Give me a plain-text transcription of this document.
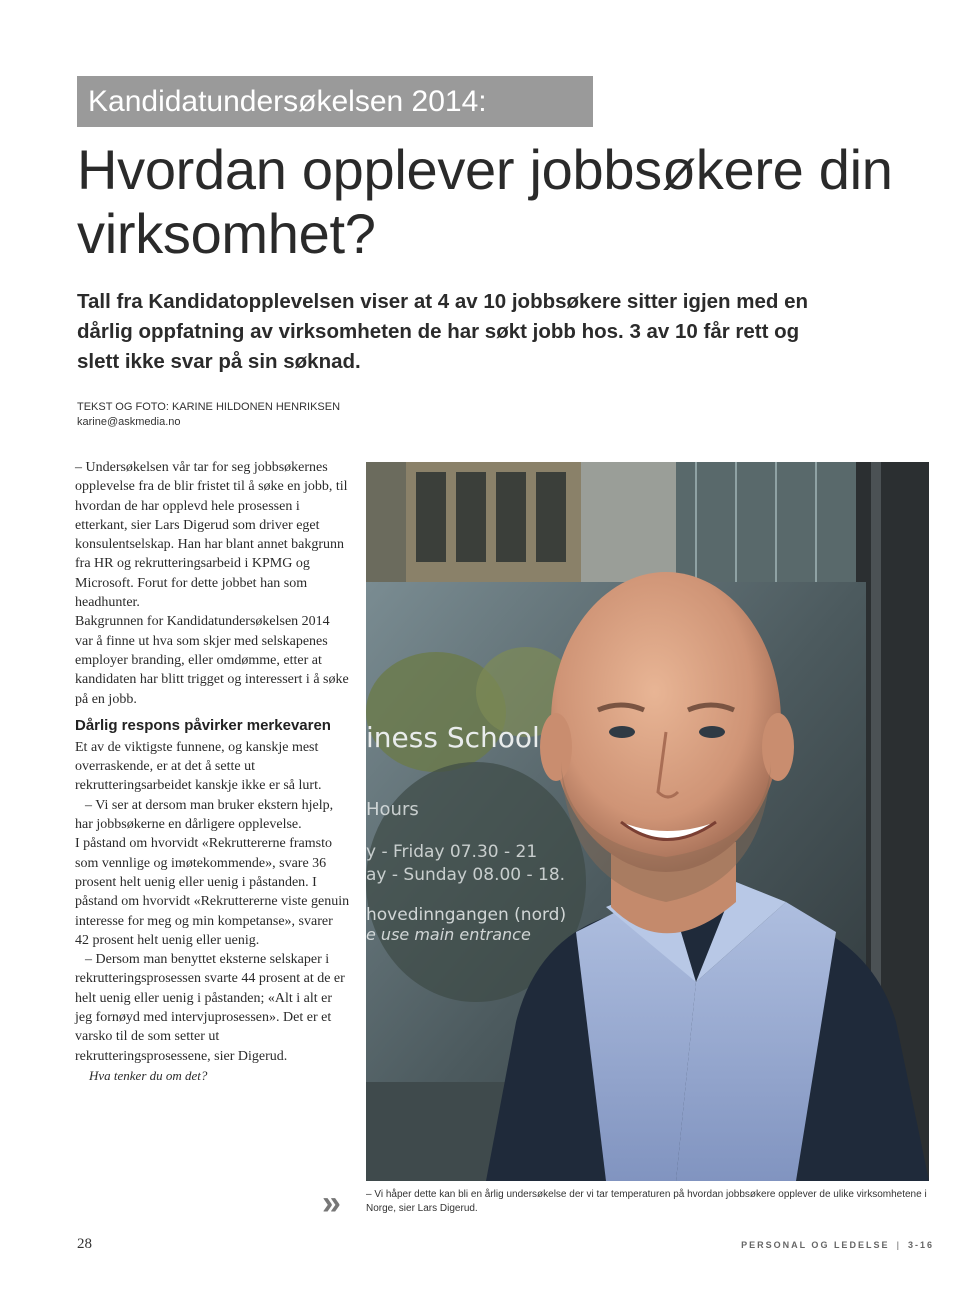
Kandidatundersøkelsen 2014:
Hvordan opplever jobbsøkere din virksomhet?

Tall fra Kandidatopplevelsen viser at 4 av 10 jobbsøkere sitter igjen med en dårlig oppfatning av virksomheten de har søkt jobb hos. 3 av 10 får rett og slett ikke svar på sin søknad.

TEKST OG FOTO: KARINE HILDONEN HENRIKSEN
karine@askmedia.no

– Undersøkelsen vår tar for seg jobbsøkernes opplevelse fra de blir fristet til å søke en jobb, til hvordan de har opplevd hele prosessen i etterkant, sier Lars Digerud som driver eget konsulentselskap. Han har blant annet bakgrunn fra HR og rekrutteringsarbeid i KPMG og Microsoft. Forut for dette jobbet han som headhunter.

Bakgrunnen for Kandidatundersøkelsen 2014 var å finne ut hva som skjer med selskapenes employer branding, eller omdømme, etter at kandidaten har blitt trigget og interessert i å søke på en jobb.

Dårlig respons påvirker merkevaren

Et av de viktigste funnene, og kanskje mest overraskende, er at det å sette ut rekrutteringsarbeidet kanskje ikke er så lurt.

– Vi ser at dersom man bruker ekstern hjelp, har jobbsøkerne en dårligere opplevelse.

I påstand om hvorvidt «Rekruttererne framsto som vennlige og imøtekommende», svare 36 prosent helt uenig eller uenig i påstanden. I påstand om hvorvidt «Rekruttererne viste genuin interesse for meg og min kompetanse», svarer 42 prosent helt uenig eller uenig.

– Dersom man benyttet eksterne selskaper i rekrutteringsprosessen svarte 44 prosent at de er helt uenig eller uenig i påstanden; «Alt i alt er jeg fornøyd med intervjuprosessen». Det er et varsko til de som setter ut rekrutteringsprosessene, sier Digerud.

Hva tenker du om det?

»
iness School
Hours
y - Friday 07.30 - 21
ay - Sunday 08.00 - 18.
hovedinngangen (nord)
e use main entrance
– Vi håper dette kan bli en årlig undersøkelse der vi tar temperaturen på hvordan jobbsøkere opplever de ulike virksomhetene i Norge, sier Lars Digerud.
28	PERSONAL OG LEDELSE | 3-16
